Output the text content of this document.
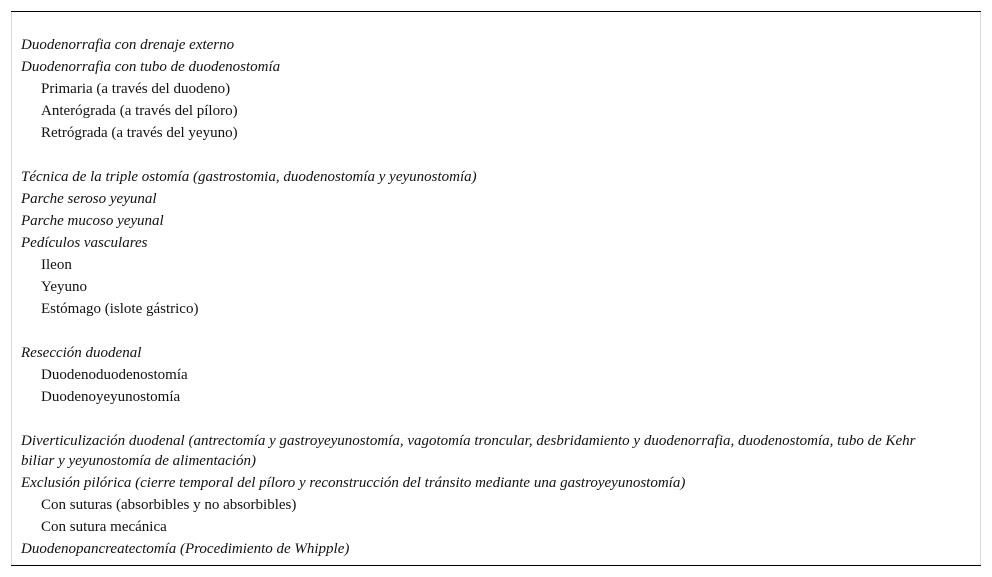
Duodenorrafia con drenaje externo
Duodenorrafia con tubo de duodenostomía
Primaria (a través del duodeno)
Anterógrada (a través del píloro)
Retrógrada (a través del yeyuno)
Técnica de la triple ostomía (gastrostomia, duodenostomía y yeyunostomía)
Parche seroso yeyunal
Parche mucoso yeyunal
Pedículos vasculares
Ileon
Yeyuno
Estómago (islote gástrico)
Resección duodenal
Duodenoduodenostomía
Duodenoyeyunostomía
Diverticulización duodenal (antrectomía y gastroyeyunostomía, vagotomía troncular, desbridamiento y duodenorrafia, duodenostomía, tubo de Kehr biliar y yeyunostomía de alimentación)
Exclusión pilórica (cierre temporal del píloro y reconstrucción del tránsito mediante una gastroyeyunostomía)
Con suturas (absorbibles y no absorbibles)
Con sutura mecánica
Duodenopancreatectomía (Procedimiento de Whipple)
